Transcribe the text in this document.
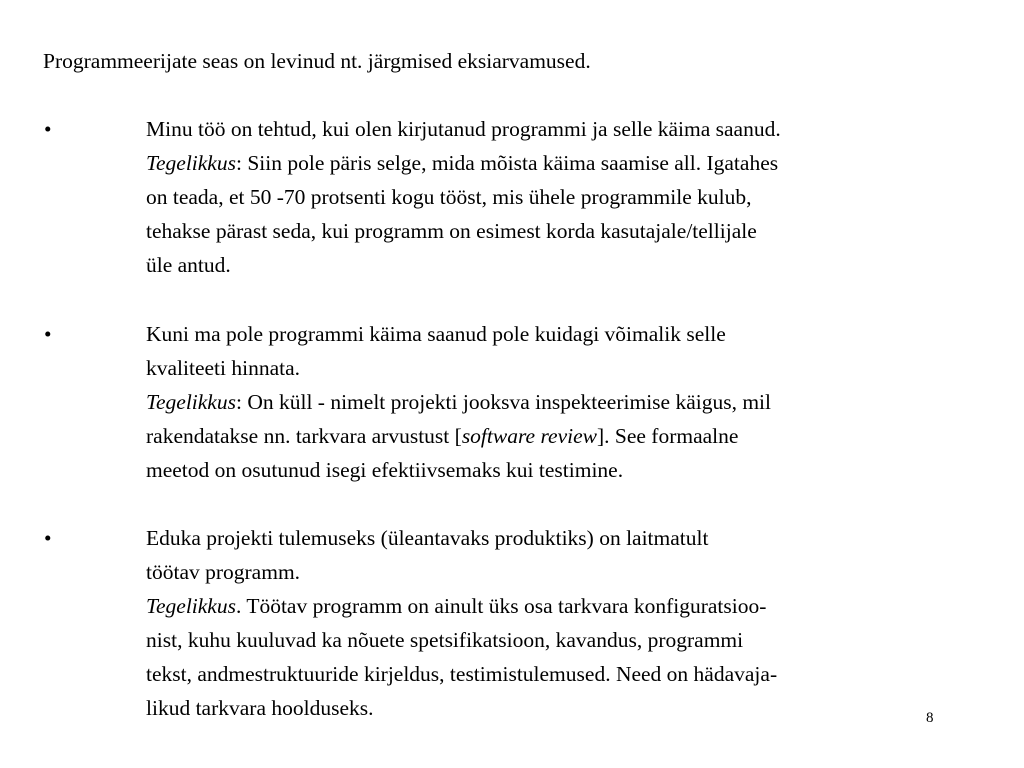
Programmeerijate seas on levinud nt. järgmised eksiarvamused.
•	Minu töö on tehtud, kui olen kirjutanud programmi ja selle käima saanud.
Tegelikkus: Siin pole päris selge, mida mõista käima saamise all. Igatahes
on teada, et 50 -70 protsenti kogu tööst, mis ühele programmile kulub,
tehakse pärast seda, kui programm on esimest korda kasutajale/tellijale
üle antud.
•	Kuni ma pole programmi käima saanud pole kuidagi võimalik selle
kvaliteeti hinnata.
Tegelikkus: On küll - nimelt projekti jooksva inspekteerimise käigus, mil
rakendatakse nn. tarkvara arvustust [software review]. See formaalne
meetod on osutunud isegi efektiivsemaks kui testimine.
•	Eduka projekti tulemuseks (üleantavaks produktiks) on laitmatult
töötav programm.
Tegelikkus. Töötav programm on ainult üks osa tarkvara konfiguratsioo-
nist, kuhu kuuluvad ka nõuete spetsifikatsioon, kavandus, programmi
tekst, andmestruktuuride kirjeldus, testimistulemused. Need on hädavaja-
likud tarkvara hoolduseks.	8
